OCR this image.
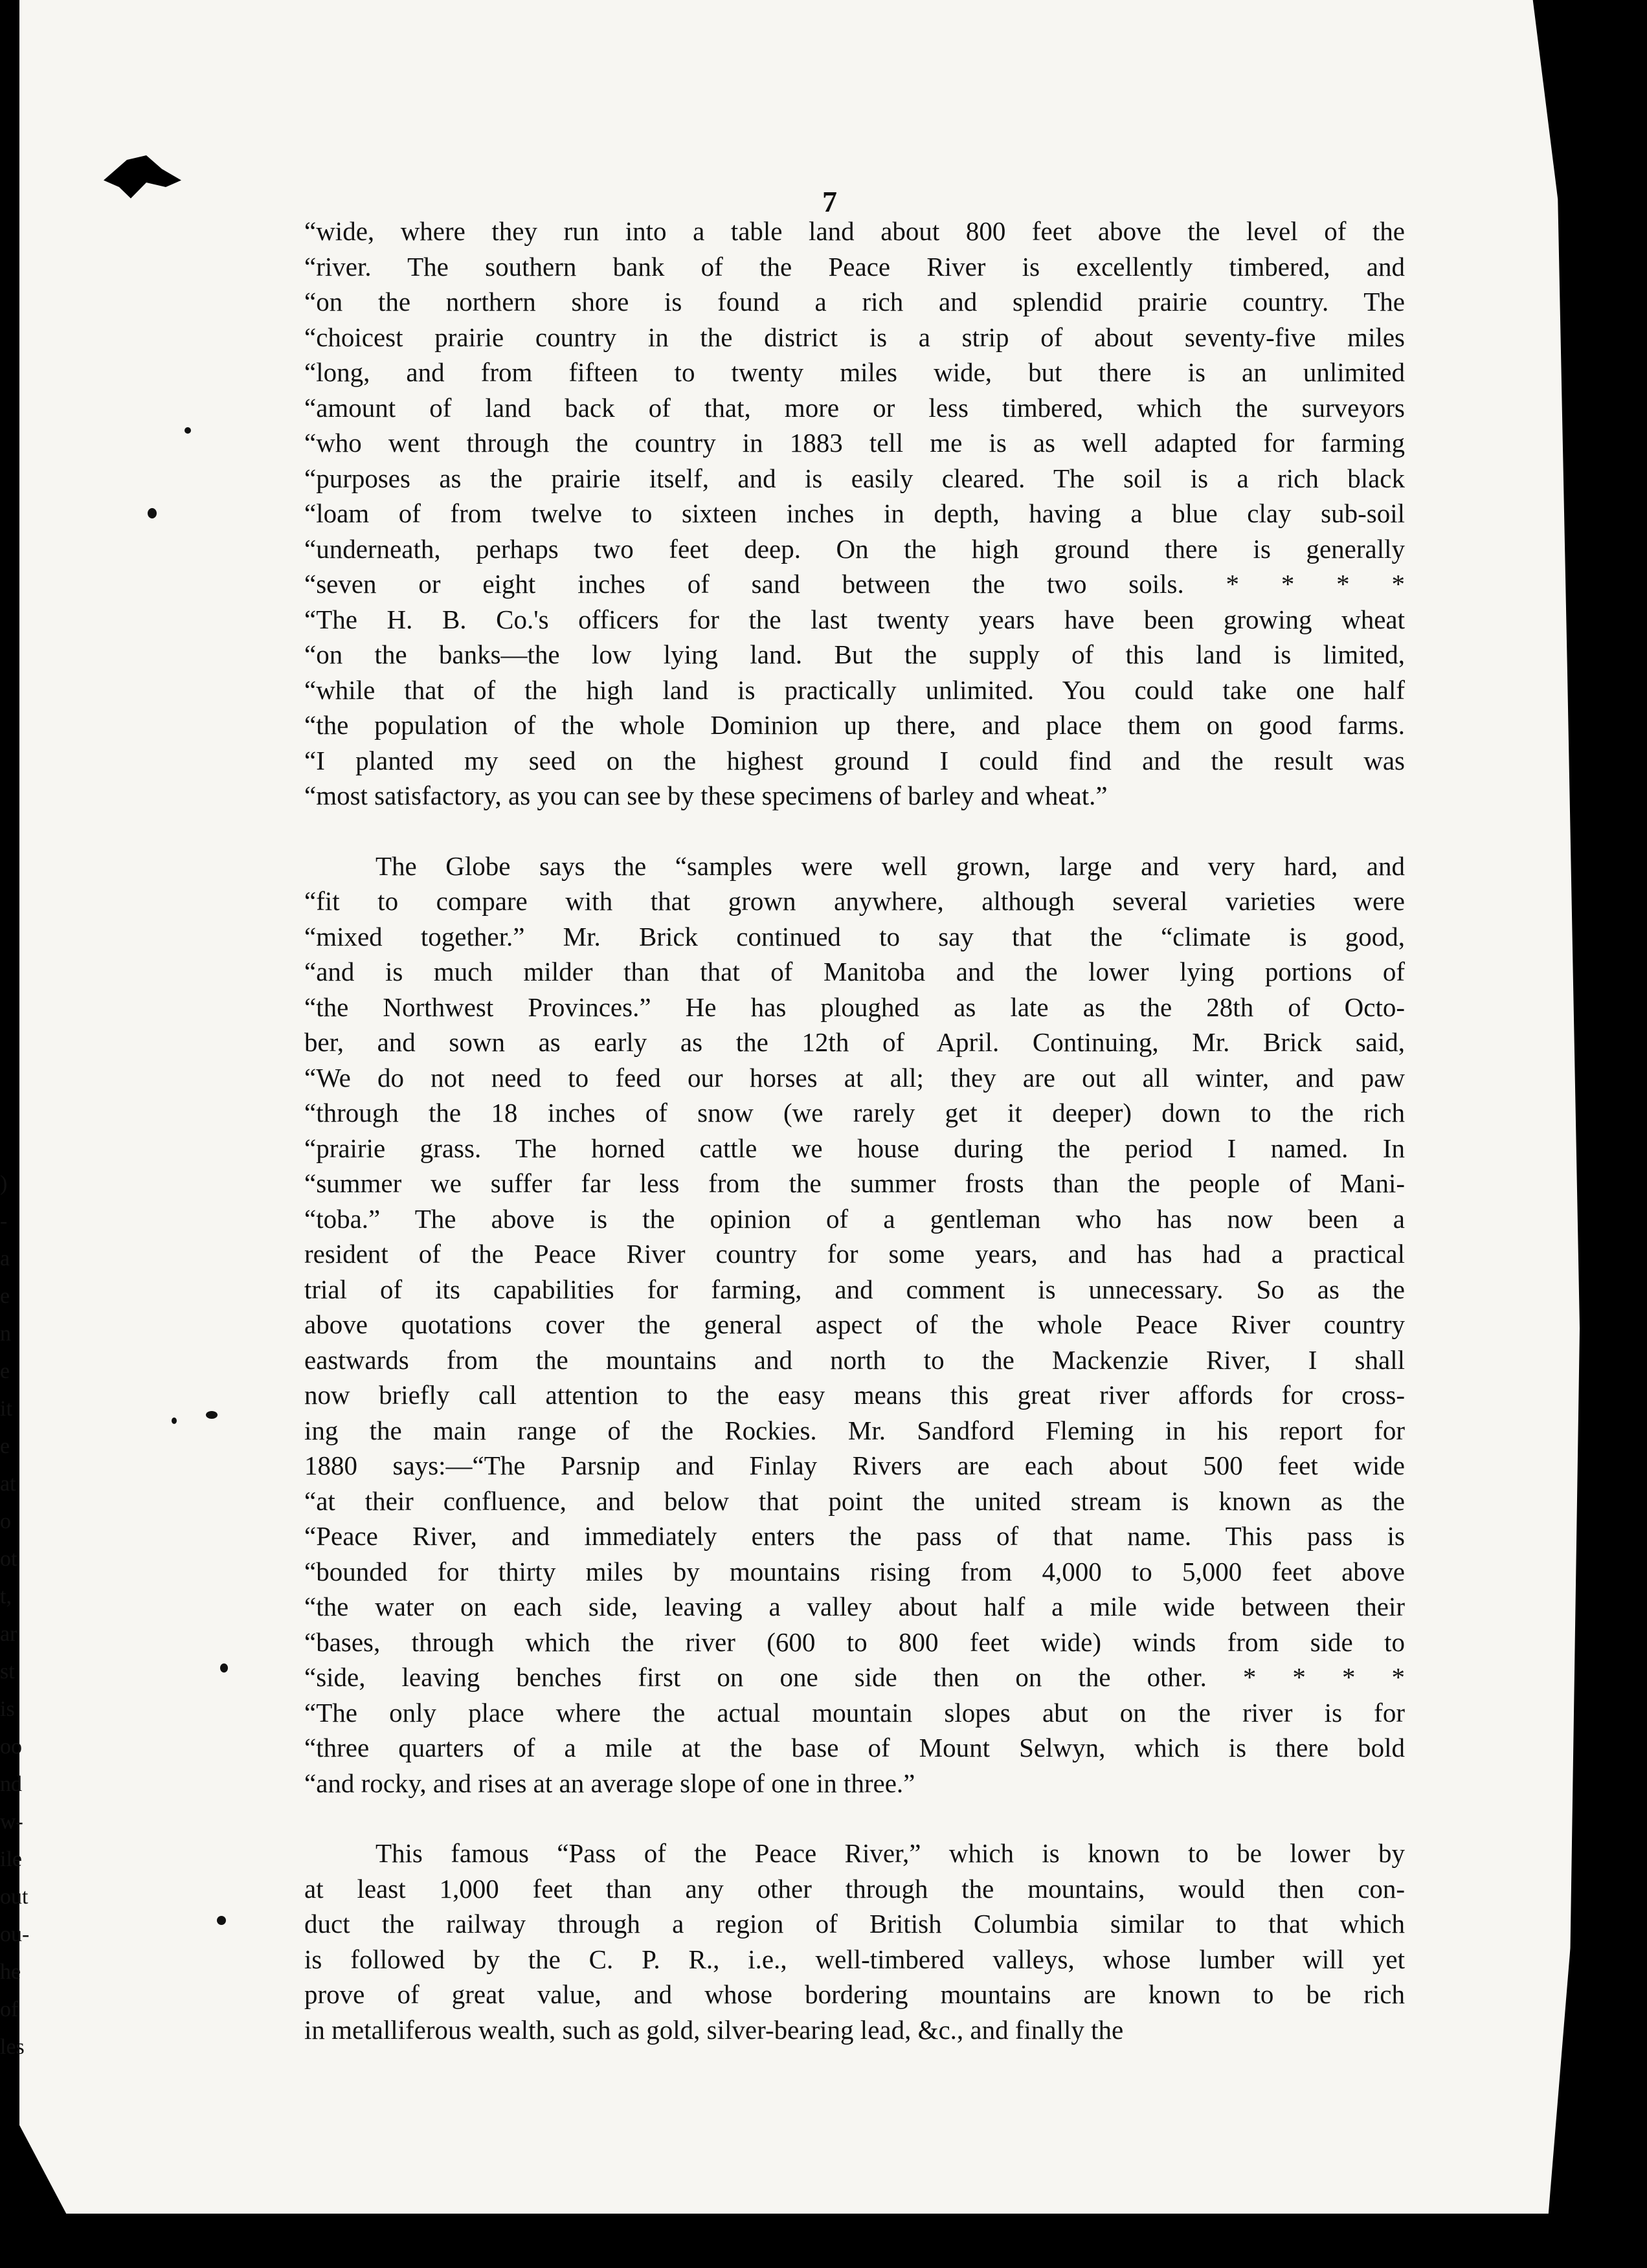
)
-
a
e
n
e
it
e
at
o
ot
t,
ar
st
is
oo
nd
w-
ile
out
ou-
he
of
les
7

“wide, where they run into a table land about 800 feet above the level of the
“river. The southern bank of the Peace River is excellently timbered, and
“on the northern shore is found a rich and splendid prairie country. The
“choicest prairie country in the district is a strip of about seventy-five miles
“long, and from fifteen to twenty miles wide, but there is an unlimited
“amount of land back of that, more or less timbered, which the surveyors
“who went through the country in 1883 tell me is as well adapted for farming
“purposes as the prairie itself, and is easily cleared. The soil is a rich black
“loam of from twelve to sixteen inches in depth, having a blue clay sub-soil
“underneath, perhaps two feet deep. On the high ground there is generally
“seven or eight inches of sand between the two soils. * * * *
“The H. B. Co.'s officers for the last twenty years have been growing wheat
“on the banks—the low lying land. But the supply of this land is limited,
“while that of the high land is practically unlimited. You could take one half
“the population of the whole Dominion up there, and place them on good farms.
“I planted my seed on the highest ground I could find and the result was
“most satisfactory, as you can see by these specimens of barley and wheat.”

The Globe says the “samples were well grown, large and very hard, and
“fit to compare with that grown anywhere, although several varieties were
“mixed together.” Mr. Brick continued to say that the “climate is good,
“and is much milder than that of Manitoba and the lower lying portions of
“the Northwest Provinces.” He has ploughed as late as the 28th of Octo-
ber, and sown as early as the 12th of April. Continuing, Mr. Brick said,
“We do not need to feed our horses at all; they are out all winter, and paw
“through the 18 inches of snow (we rarely get it deeper) down to the rich
“prairie grass. The horned cattle we house during the period I named. In
“summer we suffer far less from the summer frosts than the people of Mani-
“toba.” The above is the opinion of a gentleman who has now been a
resident of the Peace River country for some years, and has had a practical
trial of its capabilities for farming, and comment is unnecessary. So as the
above quotations cover the general aspect of the whole Peace River country
eastwards from the mountains and north to the Mackenzie River, I shall
now briefly call attention to the easy means this great river affords for cross-
ing the main range of the Rockies. Mr. Sandford Fleming in his report for
1880 says:—“The Parsnip and Finlay Rivers are each about 500 feet wide
“at their confluence, and below that point the united stream is known as the
“Peace River, and immediately enters the pass of that name. This pass is
“bounded for thirty miles by mountains rising from 4,000 to 5,000 feet above
“the water on each side, leaving a valley about half a mile wide between their
“bases, through which the river (600 to 800 feet wide) winds from side to
“side, leaving benches first on one side then on the other. * * * *
“The only place where the actual mountain slopes abut on the river is for
“three quarters of a mile at the base of Mount Selwyn, which is there bold
“and rocky, and rises at an average slope of one in three.”

This famous “Pass of the Peace River,” which is known to be lower by
at least 1,000 feet than any other through the mountains, would then con-
duct the railway through a region of British Columbia similar to that which
is followed by the C. P. R., i.e., well-timbered valleys, whose lumber will yet
prove of great value, and whose bordering mountains are known to be rich
in metalliferous wealth, such as gold, silver-bearing lead, &c., and finally the
